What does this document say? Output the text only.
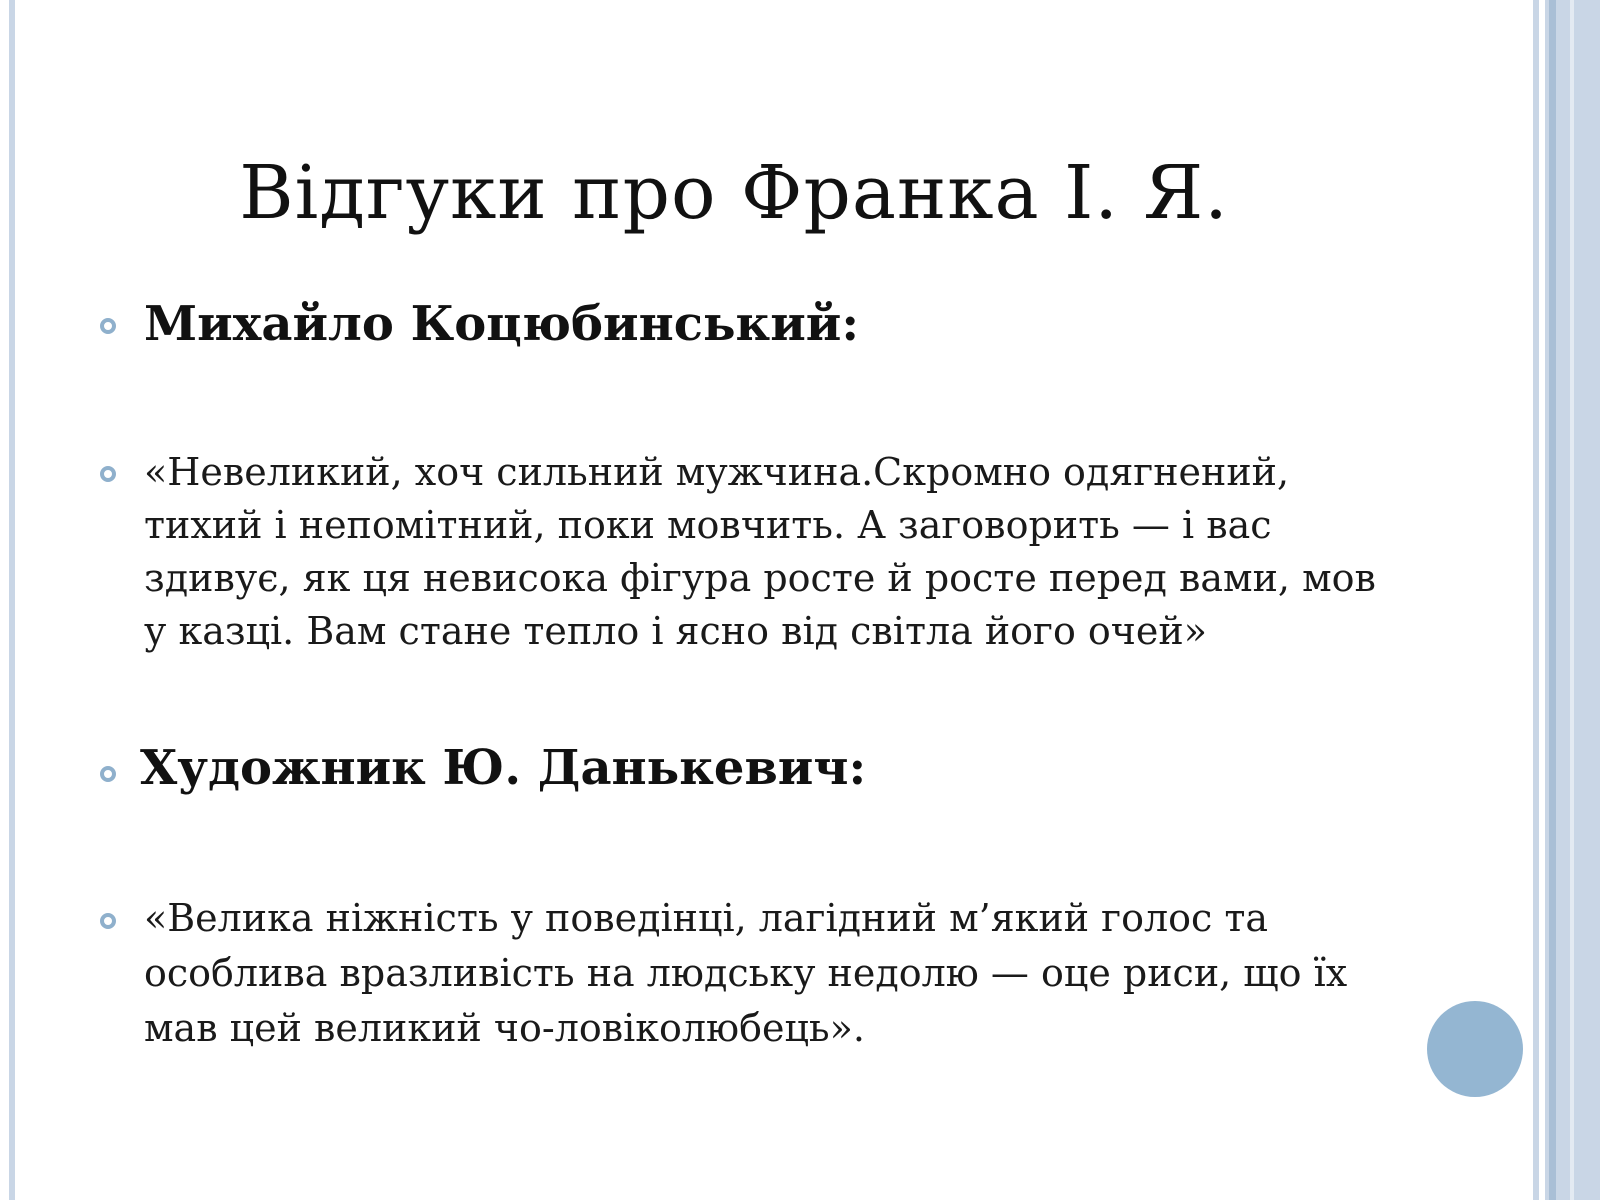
Відгуки про Франка І. Я.
Михайло Коцюбинський:
«Невеликий, хоч сильний мужчина.Скромно одягнений, тихий і непомітний, поки мовчить. А заговорить — і вас здивує, як ця невисока фігура росте й росте перед вами, мов у казці. Вам стане тепло і ясно від світла його очей»
Художник Ю. Данькевич:
«Велика ніжність у поведінці, лагідний м’який голос та особлива вразливість на людську недолю — оце риси, що їх мав цей великий чо-ловіколюбець».
